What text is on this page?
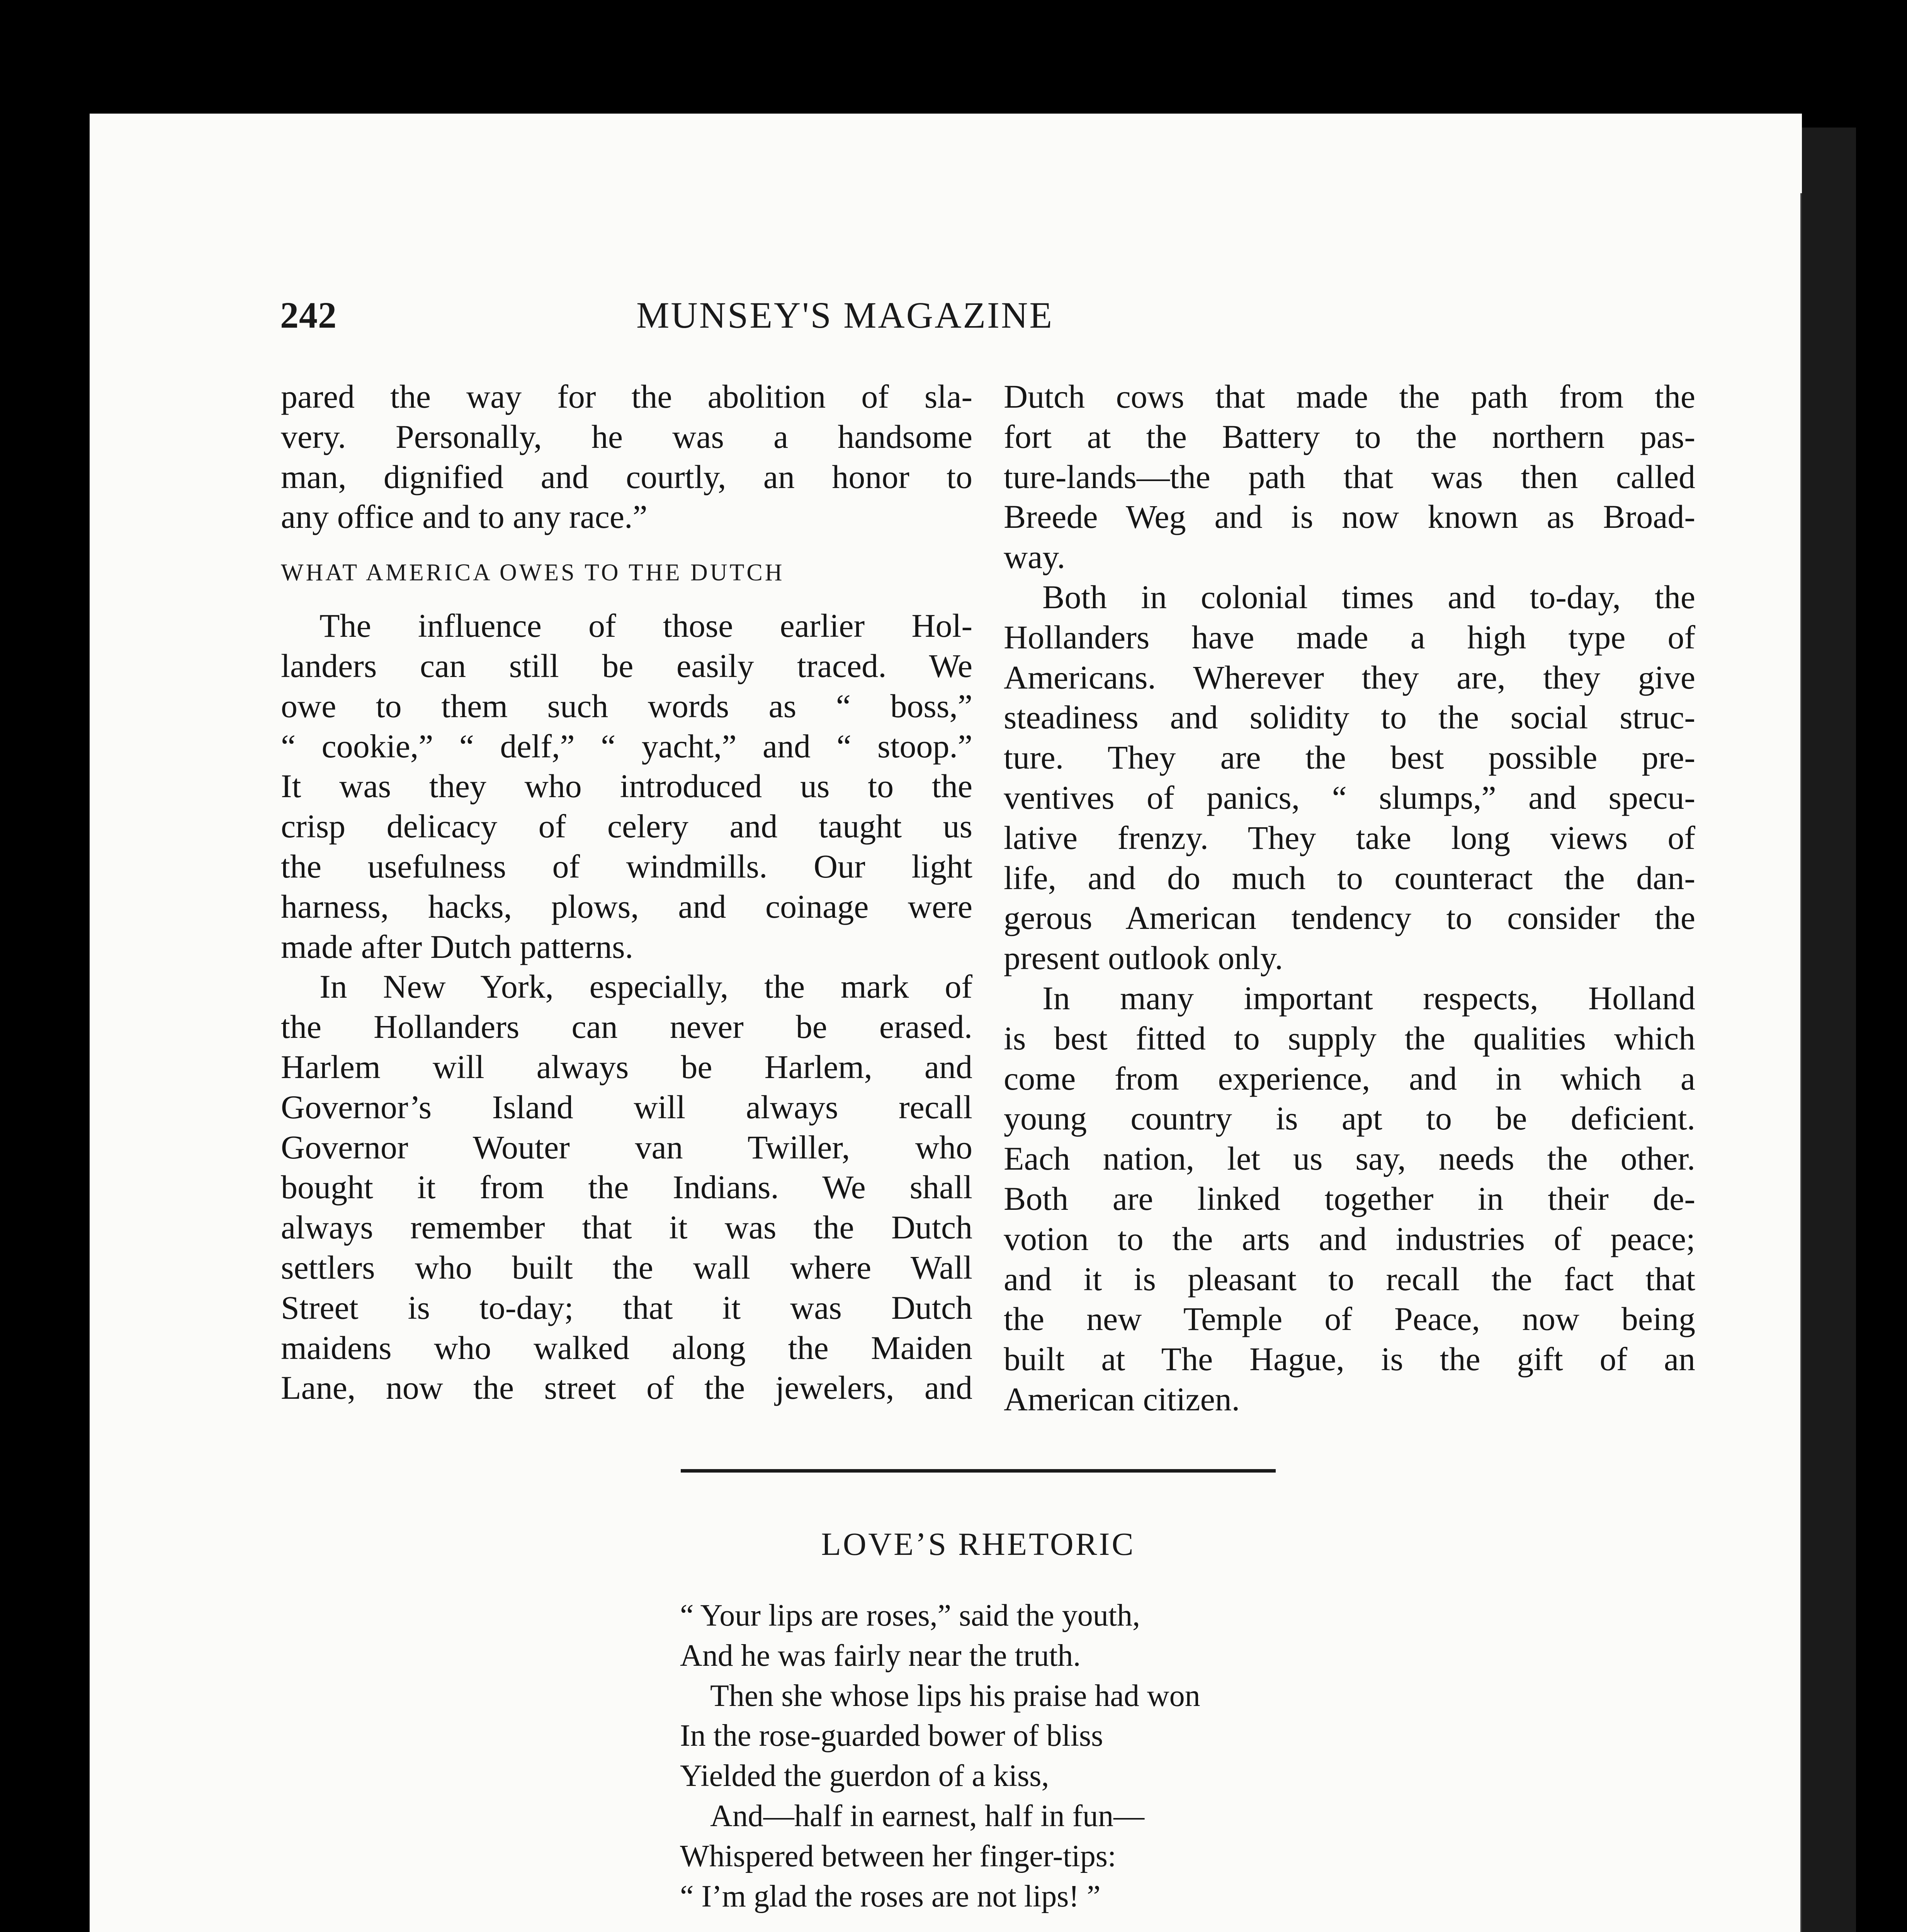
242	MUNSEY'S MAGAZINE

pared the way for the abolition of sla-
very. Personally, he was a handsome
man, dignified and courtly, an honor to
any office and to any race.”

WHAT AMERICA OWES TO THE DUTCH

The influence of those earlier Hol-
landers can still be easily traced. We
owe to them such words as “ boss,”
“ cookie,” “ delf,” “ yacht,” and “ stoop.”
It was they who introduced us to the
crisp delicacy of celery and taught us
the usefulness of windmills. Our light
harness, hacks, plows, and coinage were
made after Dutch patterns.

In New York, especially, the mark of
the Hollanders can never be erased.
Harlem will always be Harlem, and
Governor’s Island will always recall
Governor Wouter van Twiller, who
bought it from the Indians. We shall
always remember that it was the Dutch
settlers who built the wall where Wall
Street is to-day; that it was Dutch
maidens who walked along the Maiden
Lane, now the street of the jewelers, and

Dutch cows that made the path from the
fort at the Battery to the northern pas-
ture-lands—the path that was then called
Breede Weg and is now known as Broad-
way.

Both in colonial times and to-day, the
Hollanders have made a high type of
Americans. Wherever they are, they give
steadiness and solidity to the social struc-
ture. They are the best possible pre-
ventives of panics, “ slumps,” and specu-
lative frenzy. They take long views of
life, and do much to counteract the dan-
gerous American tendency to consider the
present outlook only.

In many important respects, Holland
is best fitted to supply the qualities which
come from experience, and in which a
young country is apt to be deficient.
Each nation, let us say, needs the other.
Both are linked together in their de-
votion to the arts and industries of peace;
and it is pleasant to recall the fact that
the new Temple of Peace, now being
built at The Hague, is the gift of an
American citizen.

LOVE’S RHETORIC
“ Your lips are roses,” said the youth,
And he was fairly near the truth.
Then she whose lips his praise had won
In the rose-guarded bower of bliss
Yielded the guerdon of a kiss,
And—half in earnest, half in fun—
Whispered between her finger-tips:
“ I’m glad the roses are not lips! ”
